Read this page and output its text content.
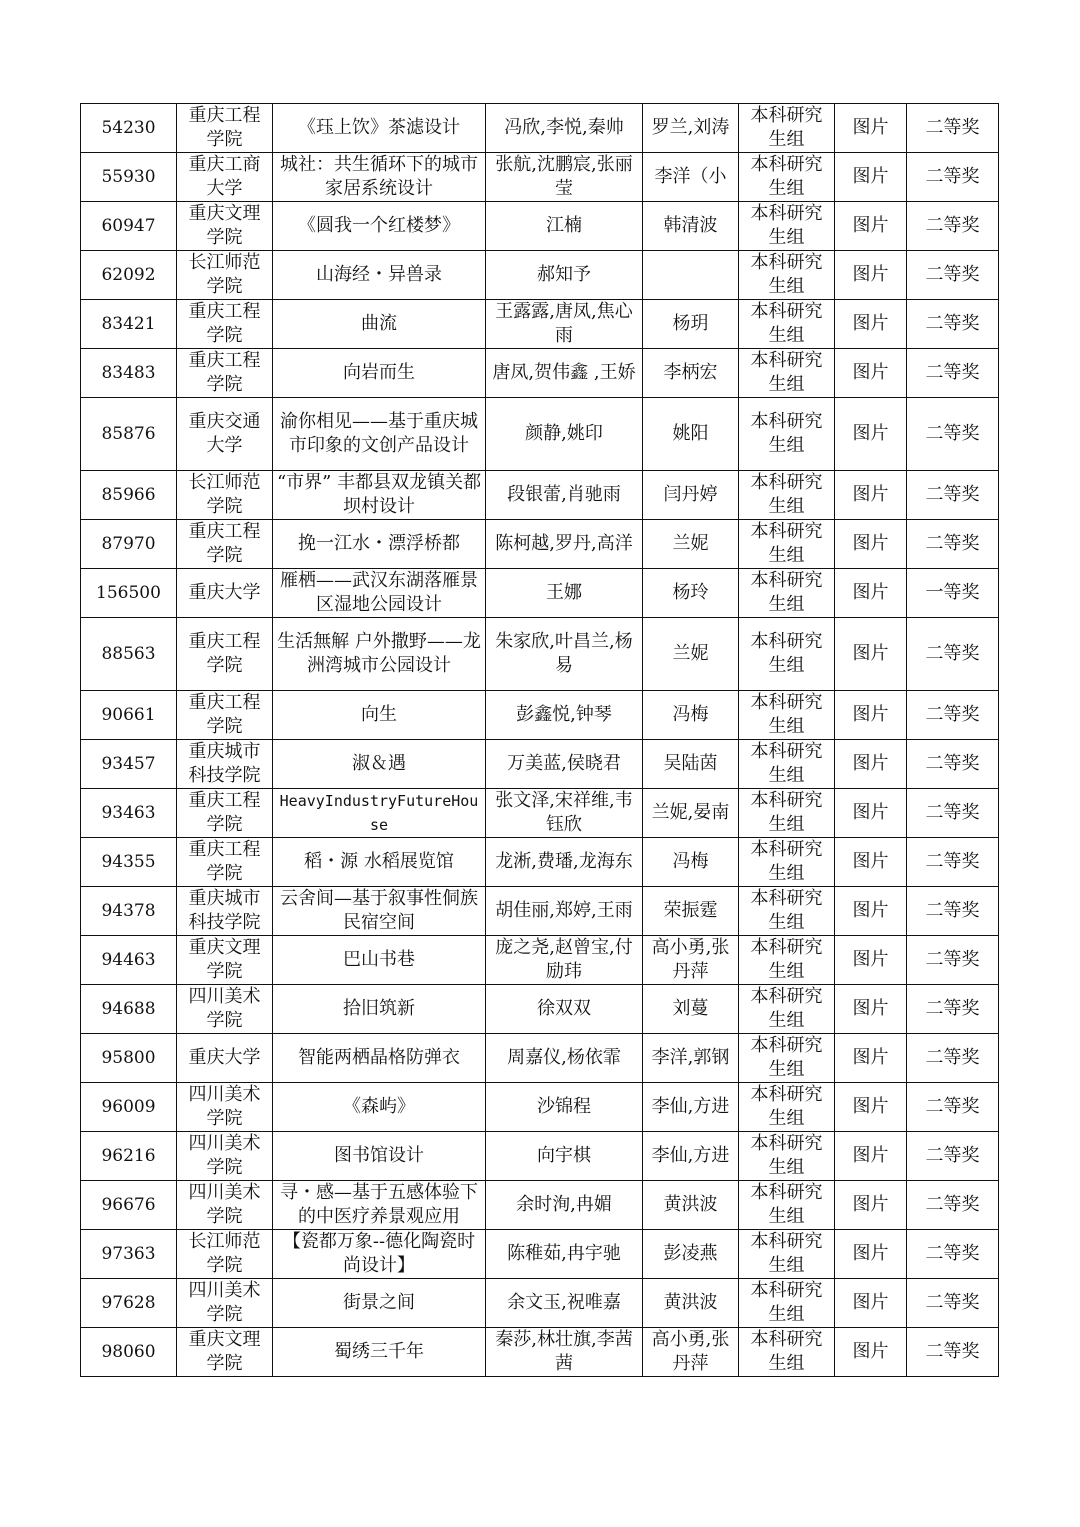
54230	重庆工程学院	《珏上饮》茶滤设计	冯欣,李悦,秦帅	罗兰,刘涛	本科研究生组	图片	二等奖
55930	重庆工商大学	城社：共生循环下的城市家居系统设计	张航,沈鹏宸,张丽莹	李洋（小	本科研究生组	图片	二等奖
60947	重庆文理学院	《圆我一个红楼梦》	江楠	韩清波	本科研究生组	图片	二等奖
62092	长江师范学院	山海经・异兽录	郝知予		本科研究生组	图片	二等奖
83421	重庆工程学院	曲流	王露露,唐凤,焦心雨	杨玥	本科研究生组	图片	二等奖
83483	重庆工程学院	向岩而生	唐凤,贺伟鑫 ,王娇	李柄宏	本科研究生组	图片	二等奖
85876	重庆交通大学	渝你相见——基于重庆城市印象的文创产品设计	颜静,姚印	姚阳	本科研究生组	图片	二等奖
85966	长江师范学院	“市界” 丰都县双龙镇关都坝村设计	段银蕾,肖驰雨	闫丹婷	本科研究生组	图片	二等奖
87970	重庆工程学院	挽一江水・漂浮桥都	陈柯越,罗丹,高洋	兰妮	本科研究生组	图片	二等奖
156500	重庆大学	雁栖——武汉东湖落雁景区湿地公园设计	王娜	杨玲	本科研究生组	图片	一等奖
88563	重庆工程学院	生活無解 户外撒野——龙洲湾城市公园设计	朱家欣,叶昌兰,杨易	兰妮	本科研究生组	图片	二等奖
90661	重庆工程学院	向生	彭鑫悦,钟琴	冯梅	本科研究生组	图片	二等奖
93457	重庆城市科技学院	淑＆遇	万美蓝,侯晓君	吴陆茵	本科研究生组	图片	二等奖
93463	重庆工程学院	HeavyIndustryFutureHouse	张文泽,宋祥维,韦钰欣	兰妮,晏南	本科研究生组	图片	二等奖
94355	重庆工程学院	稻・源 水稻展览馆	龙淅,费璠,龙海东	冯梅	本科研究生组	图片	二等奖
94378	重庆城市科技学院	云舍间—基于叙事性侗族民宿空间	胡佳丽,郑婷,王雨	荣振霆	本科研究生组	图片	二等奖
94463	重庆文理学院	巴山书巷	庞之尧,赵曾宝,付励玮	高小勇,张丹萍	本科研究生组	图片	二等奖
94688	四川美术学院	拾旧筑新	徐双双	刘蔓	本科研究生组	图片	二等奖
95800	重庆大学	智能两栖晶格防弹衣	周嘉仪,杨依霏	李洋,郭钢	本科研究生组	图片	二等奖
96009	四川美术学院	《森屿》	沙锦程	李仙,方进	本科研究生组	图片	二等奖
96216	四川美术学院	图书馆设计	向宇棋	李仙,方进	本科研究生组	图片	二等奖
96676	四川美术学院	寻・感—基于五感体验下的中医疗养景观应用	余时洵,冉媚	黄洪波	本科研究生组	图片	二等奖
97363	长江师范学院	【瓷都万象--德化陶瓷时尚设计】	陈稚茹,冉宇驰	彭凌燕	本科研究生组	图片	二等奖
97628	四川美术学院	街景之间	余文玉,祝唯嘉	黄洪波	本科研究生组	图片	二等奖
98060	重庆文理学院	蜀绣三千年	秦莎,林壮旗,李茜茜	高小勇,张丹萍	本科研究生组	图片	二等奖
